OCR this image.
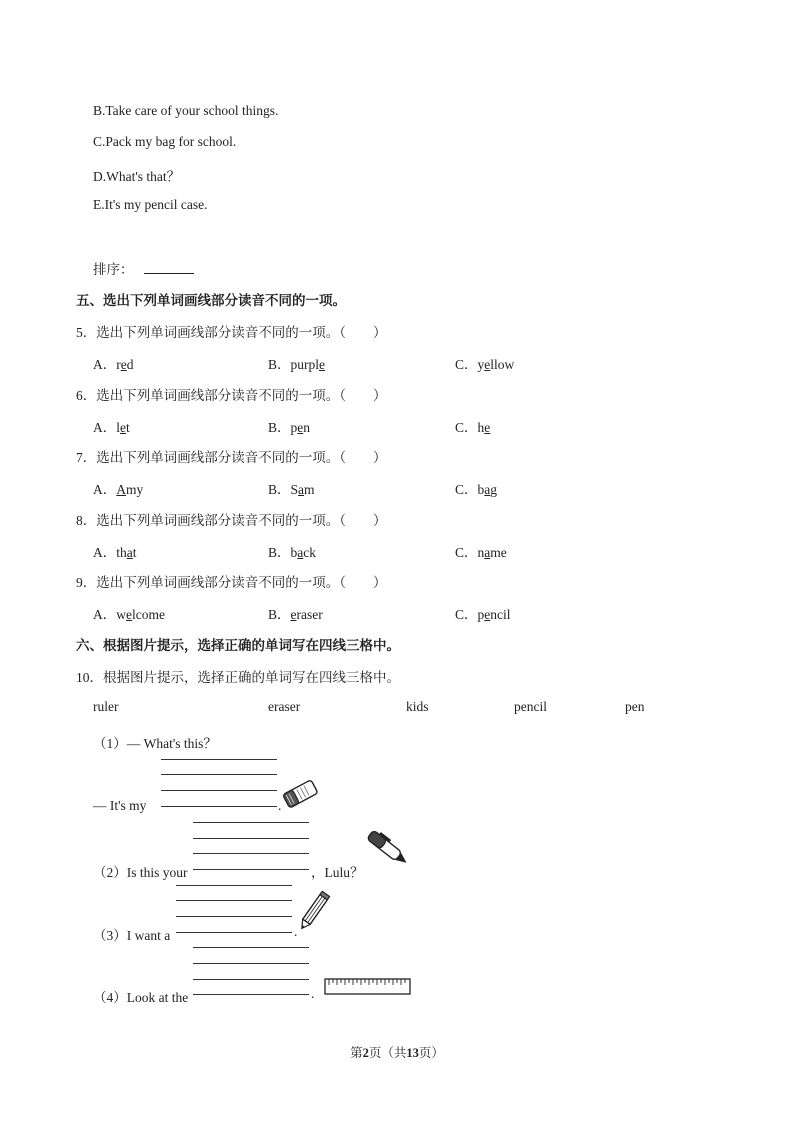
B.Take care of your school things.
C.Pack my bag for school.
D.What's that？
E.It's my pencil case.
排序：
五、选出下列单词画线部分读音不同的一项。
5．选出下列单词画线部分读音不同的一项。（　　）
A．red	B．purple	C．yellow
6．选出下列单词画线部分读音不同的一项。（　　）
A．let	B．pen	C．he
7．选出下列单词画线部分读音不同的一项。（　　）
A．Amy	B．Sam	C．bag
8．选出下列单词画线部分读音不同的一项。（　　）
A．that	B．back	C．name
9．选出下列单词画线部分读音不同的一项。（　　）
A．welcome	B．eraser	C．pencil
六、根据图片提示，选择正确的单词写在四线三格中。
10．根据图片提示，选择正确的单词写在四线三格中。
ruler	eraser	kids	pencil	pen
（1）— What's this？
— It's my	.
（2）Is this your	，Lulu？
（3）I want a	.
（4）Look at the	.
第2页（共13页）
